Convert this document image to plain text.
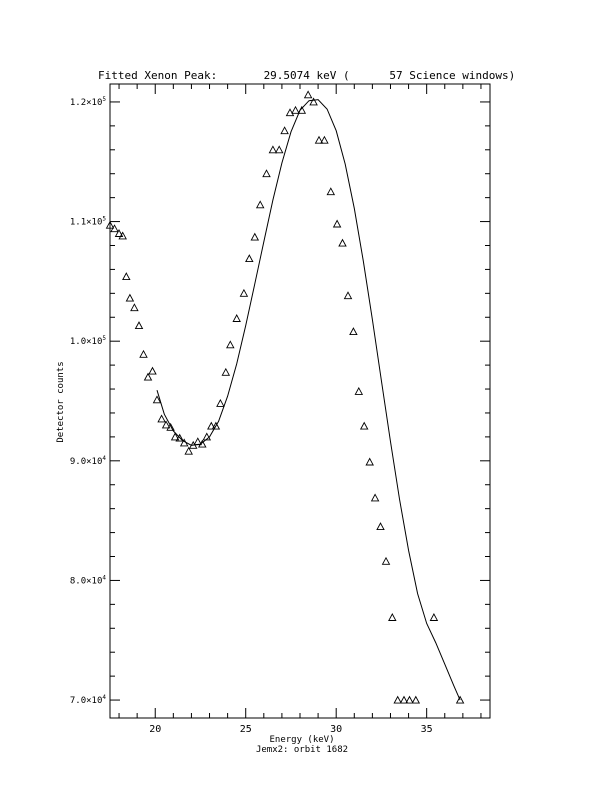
Fitted Xenon Peak:       29.5074 keV (      57 Science windows)
20	25	30	35
$7.0\times 10^4$
$8.0\times 10^4$
$9.0\times 10^4$
$1.0\times 10^5$
$1.1\times 10^5$
$1.2\times 10^5$
Energy (keV)
Jemx2: orbit 1682
Detector counts
